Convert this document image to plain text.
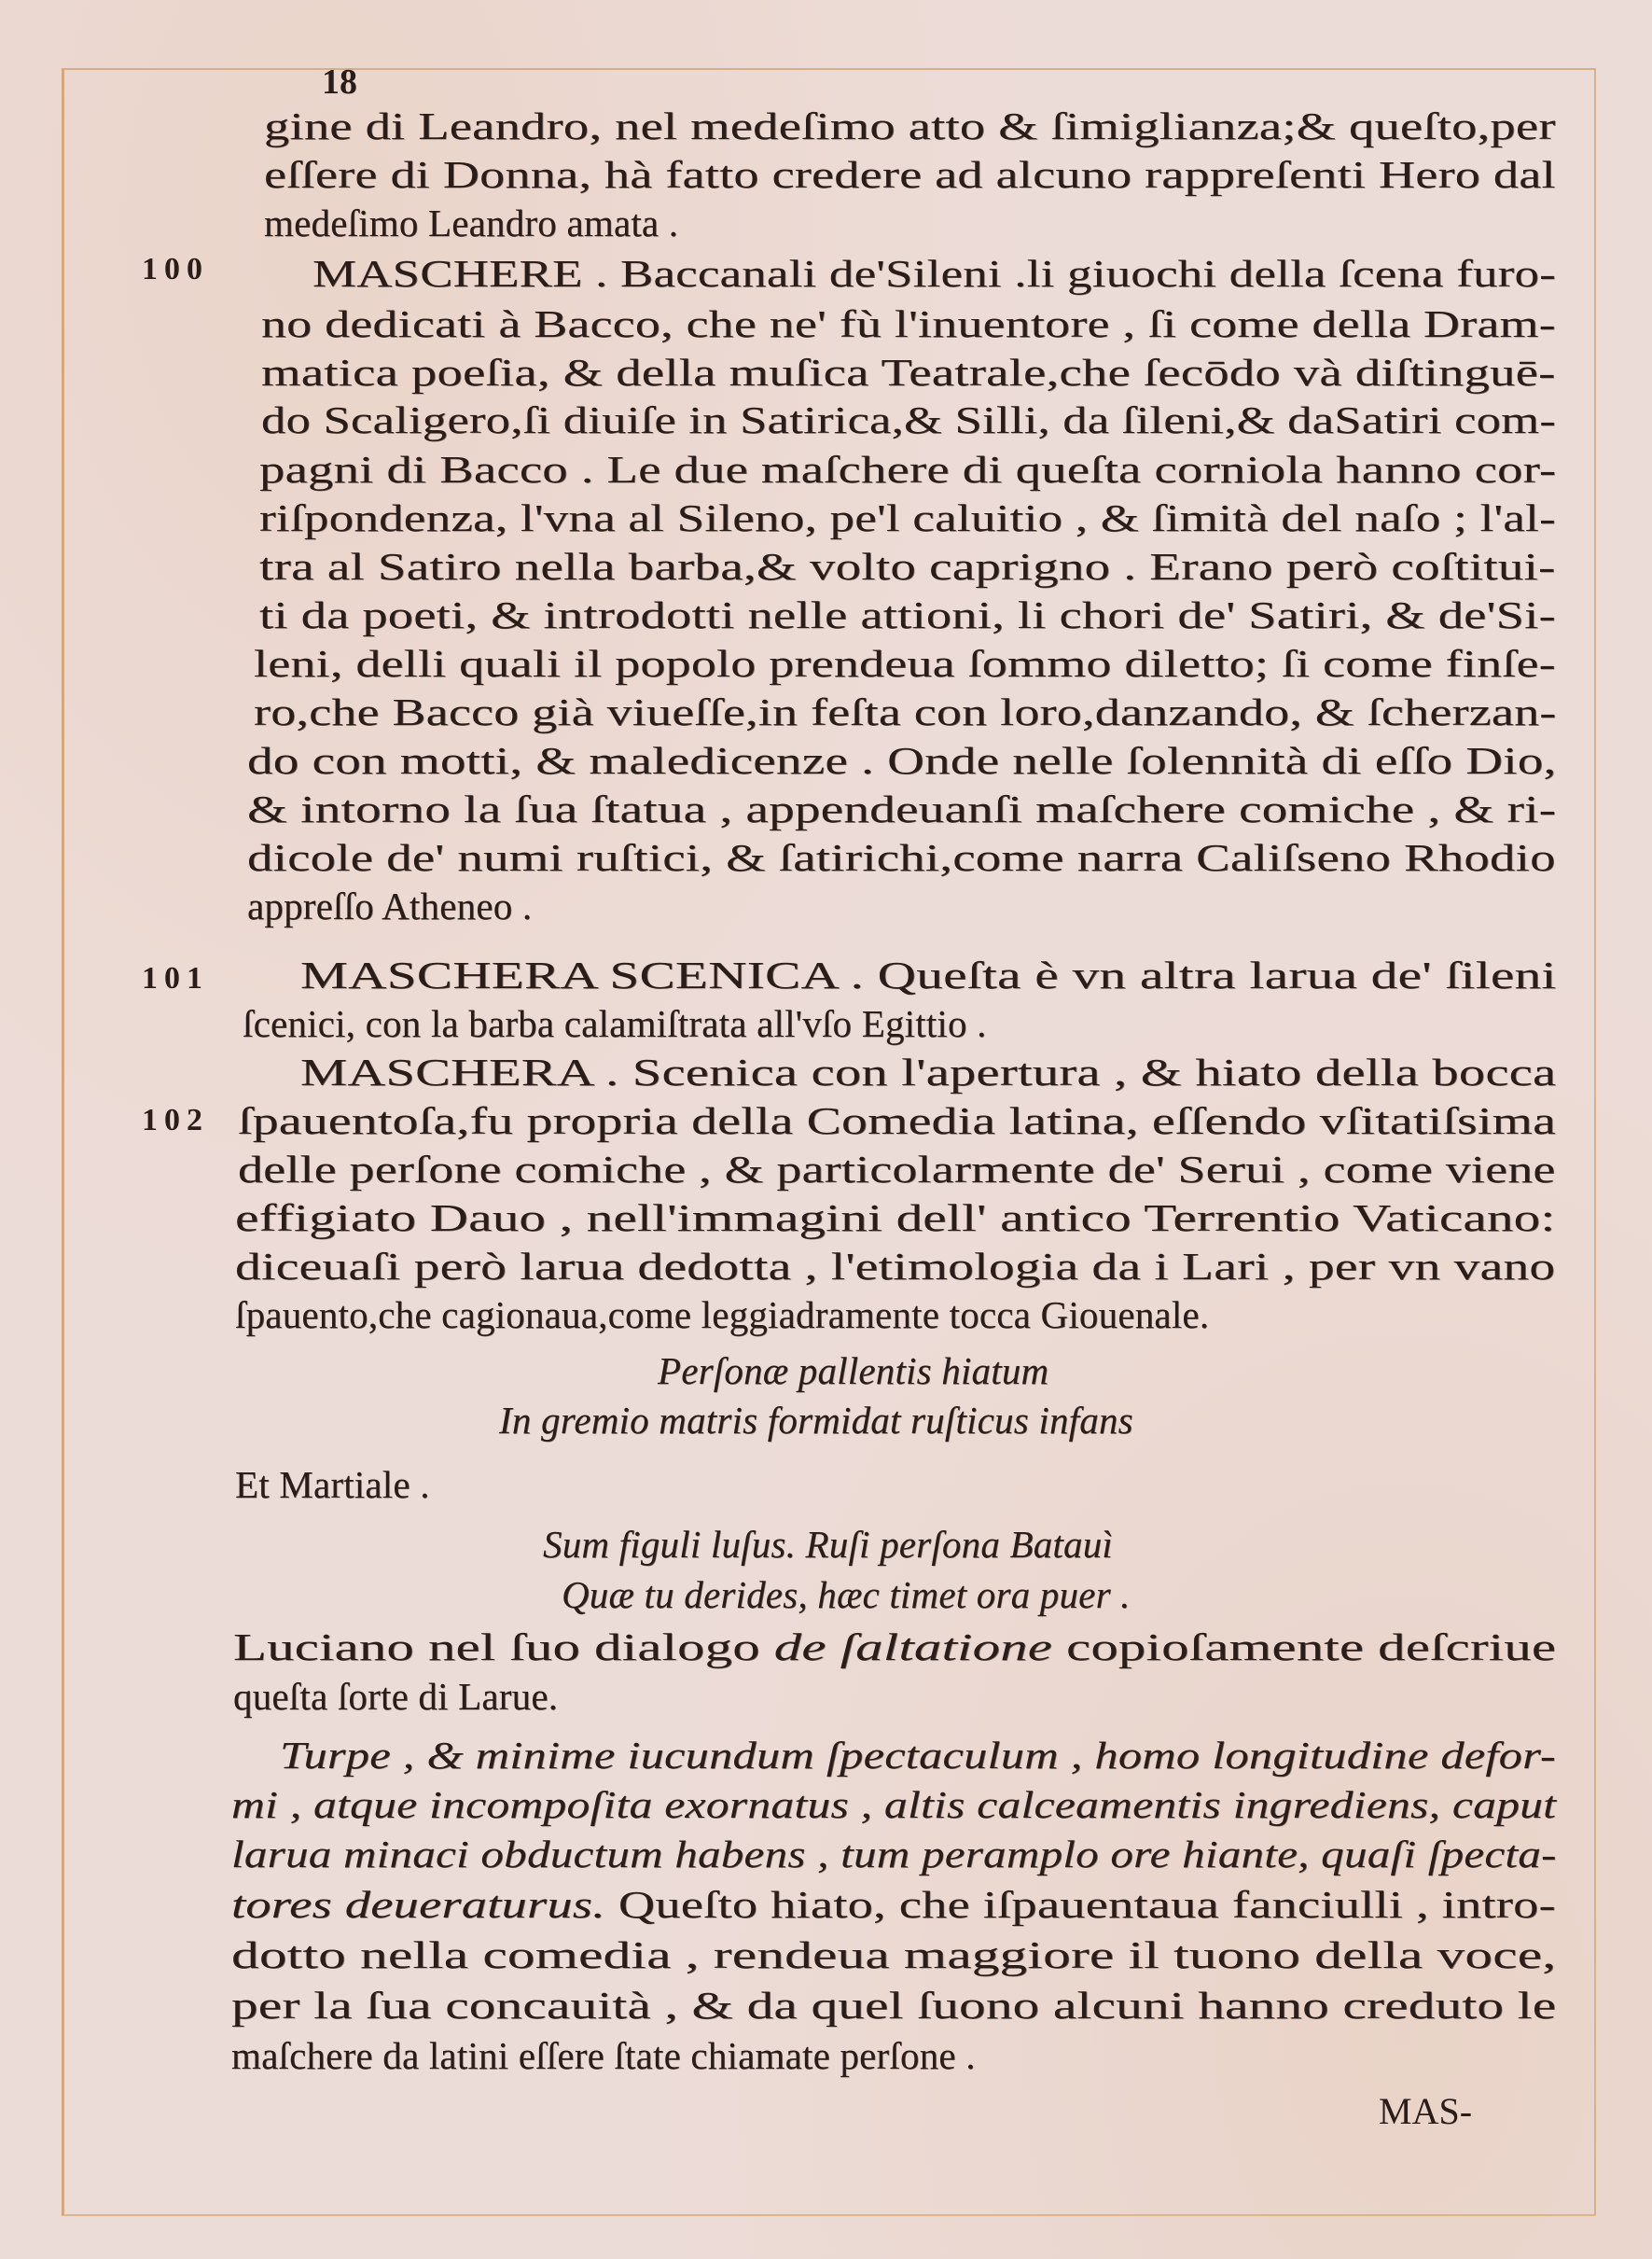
18
100
101
102
gine di Leandro, nel medeſimo atto & ſimiglianza;& queſto,per
eſſere di Donna, hà fatto credere ad alcuno rappreſenti Hero dal
medeſimo Leandro amata .
MASCHERE . Baccanali de'Sileni .li giuochi della ſcena furo-
no dedicati à Bacco, che ne' fù l'inuentore , ſi come della Dram-
matica poeſia, & della muſica Teatrale,che ſecōdo và diſtinguē-
do Scaligero,ſi diuiſe in Satirica,& Silli, da ſileni,& daSatiri com-
pagni di Bacco . Le due maſchere di queſta corniola hanno cor-
riſpondenza, l'vna al Sileno, pe'l caluitio , & ſimità del naſo ; l'al-
tra al Satiro nella barba,& volto caprigno . Erano però coſtitui-
ti da poeti, & introdotti nelle attioni, li chori de' Satiri, & de'Si-
leni, delli quali il popolo prendeua ſommo diletto; ſi come finſe-
ro,che Bacco già viueſſe,in feſta con loro,danzando, & ſcherzan-
do con motti, & maledicenze . Onde nelle ſolennità di eſſo Dio,
& intorno la ſua ſtatua , appendeuanſi maſchere comiche , & ri-
dicole de' numi ruſtici, & ſatirichi,come narra Caliſseno Rhodio
appreſſo Atheneo .
MASCHERA SCENICA . Queſta è vn altra larua de' ſileni
ſcenici, con la barba calamiſtrata all'vſo Egittio .
MASCHERA . Scenica con l'apertura , & hiato della bocca
ſpauentoſa,fu propria della Comedia latina, eſſendo vſitatiſsima
delle perſone comiche , & particolarmente de' Serui , come viene
effigiato Dauo , nell'immagini dell' antico Terrentio Vaticano:
diceuaſi però larua dedotta , l'etimologia da i Lari , per vn vano
ſpauento,che cagionaua,come leggiadramente tocca Giouenale.
Perſonæ pallentis hiatum
In gremio matris formidat ruſticus infans
Et Martiale .
Sum figuli luſus. Ruſi perſona Batauì
Quæ tu derides, hæc timet ora puer .
Luciano nel ſuo dialogo de ſaltatione copioſamente deſcriue
queſta ſorte di Larue.
Turpe , & minime iucundum ſpectaculum , homo longitudine defor-
mi , atque incompoſita exornatus , altis calceamentis ingrediens, caput
larua minaci obductum habens , tum peramplo ore hiante, quaſi ſpecta-
tores deueraturus. Queſto hiato, che iſpauentaua fanciulli , intro-
dotto nella comedia , rendeua maggiore il tuono della voce,
per la ſua concauità , & da quel ſuono alcuni hanno creduto le
maſchere da latini eſſere ſtate chiamate perſone .
MAS-
